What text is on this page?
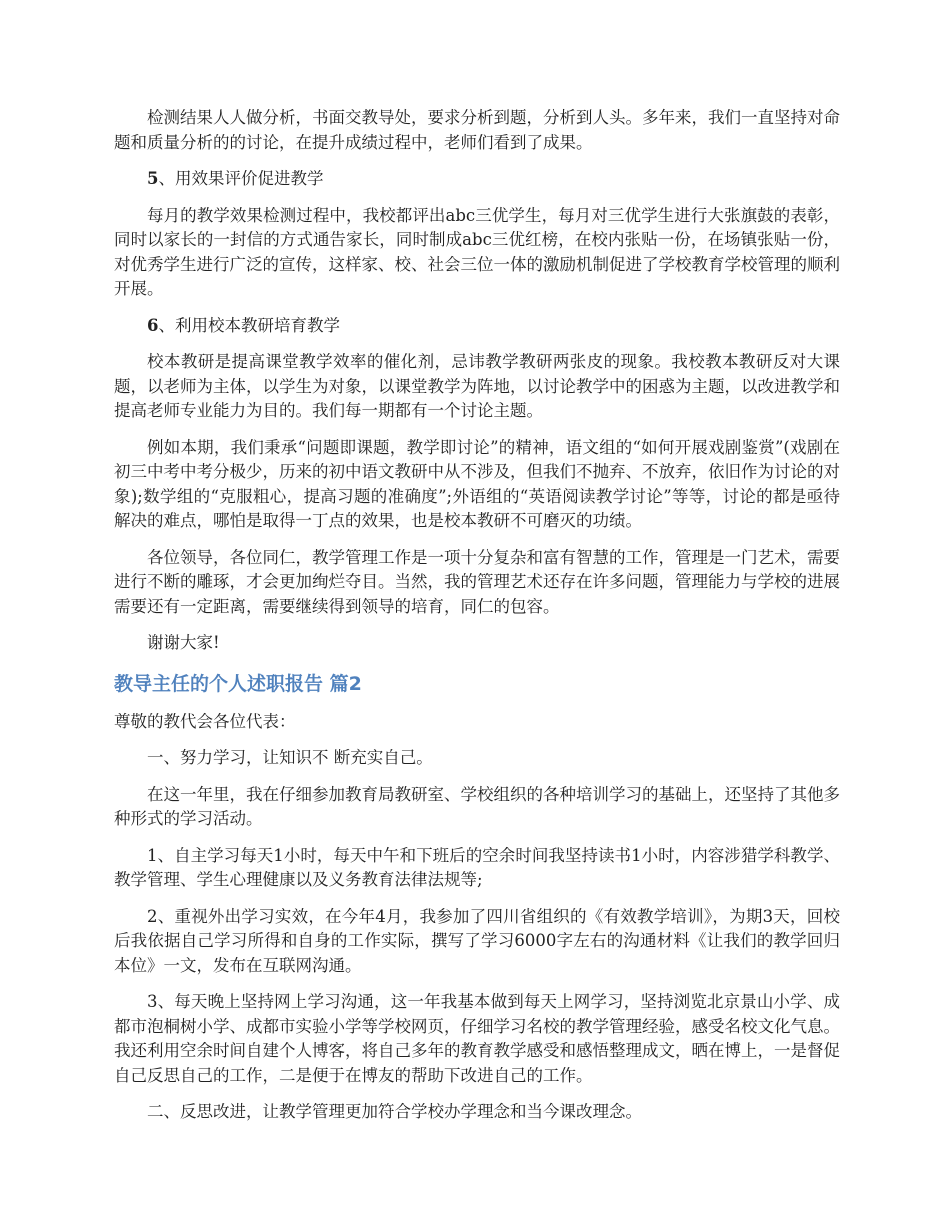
检测结果人人做分析，书面交教导处，要求分析到题，分析到人头。多年来，我们一直坚持对命题和质量分析的的讨论，在提升成绩过程中，老师们看到了成果。

5、用效果评价促进教学

每月的教学效果检测过程中，我校都评出abc三优学生，每月对三优学生进行大张旗鼓的表彰，同时以家长的一封信的方式通告家长，同时制成abc三优红榜，在校内张贴一份，在场镇张贴一份，对优秀学生进行广泛的宣传，这样家、校、社会三位一体的激励机制促进了学校教育学校管理的顺利开展。

6、利用校本教研培育教学

校本教研是提高课堂教学效率的催化剂，忌讳教学教研两张皮的现象。我校教本教研反对大课题，以老师为主体，以学生为对象，以课堂教学为阵地，以讨论教学中的困惑为主题，以改进教学和提高老师专业能力为目的。我们每一期都有一个讨论主题。

例如本期，我们秉承“问题即课题，教学即讨论”的精神，语文组的“如何开展戏剧鉴赏”(戏剧在初三中考中考分极少，历来的初中语文教研中从不涉及，但我们不抛弃、不放弃，依旧作为讨论的对象);数学组的“克服粗心，提高习题的准确度”;外语组的“英语阅读教学讨论”等等，讨论的都是亟待解决的难点，哪怕是取得一丁点的效果，也是校本教研不可磨灭的功绩。

各位领导，各位同仁，教学管理工作是一项十分复杂和富有智慧的工作，管理是一门艺术，需要进行不断的雕琢，才会更加绚烂夺目。当然，我的管理艺术还存在许多问题，管理能力与学校的进展需要还有一定距离，需要继续得到领导的培育，同仁的包容。

谢谢大家!

教导主任的个人述职报告 篇2

尊敬的教代会各位代表：

一、努力学习，让知识不 断充实自己。

在这一年里，我在仔细参加教育局教研室、学校组织的各种培训学习的基础上，还坚持了其他多种形式的学习活动。

1、自主学习每天1小时，每天中午和下班后的空余时间我坚持读书1小时，内容涉猎学科教学、教学管理、学生心理健康以及义务教育法律法规等;

2、重视外出学习实效，在今年4月，我参加了四川省组织的《有效教学培训》，为期3天，回校后我依据自己学习所得和自身的工作实际，撰写了学习6000字左右的沟通材料《让我们的教学回归本位》一文，发布在互联网沟通。

3、每天晚上坚持网上学习沟通，这一年我基本做到每天上网学习，坚持浏览北京景山小学、成都市泡桐树小学、成都市实验小学等学校网页，仔细学习名校的教学管理经验，感受名校文化气息。我还利用空余时间自建个人博客，将自己多年的教育教学感受和感悟整理成文，晒在博上，一是督促自己反思自己的工作，二是便于在博友的帮助下改进自己的工作。

二、反思改进，让教学管理更加符合学校办学理念和当今课改理念。
